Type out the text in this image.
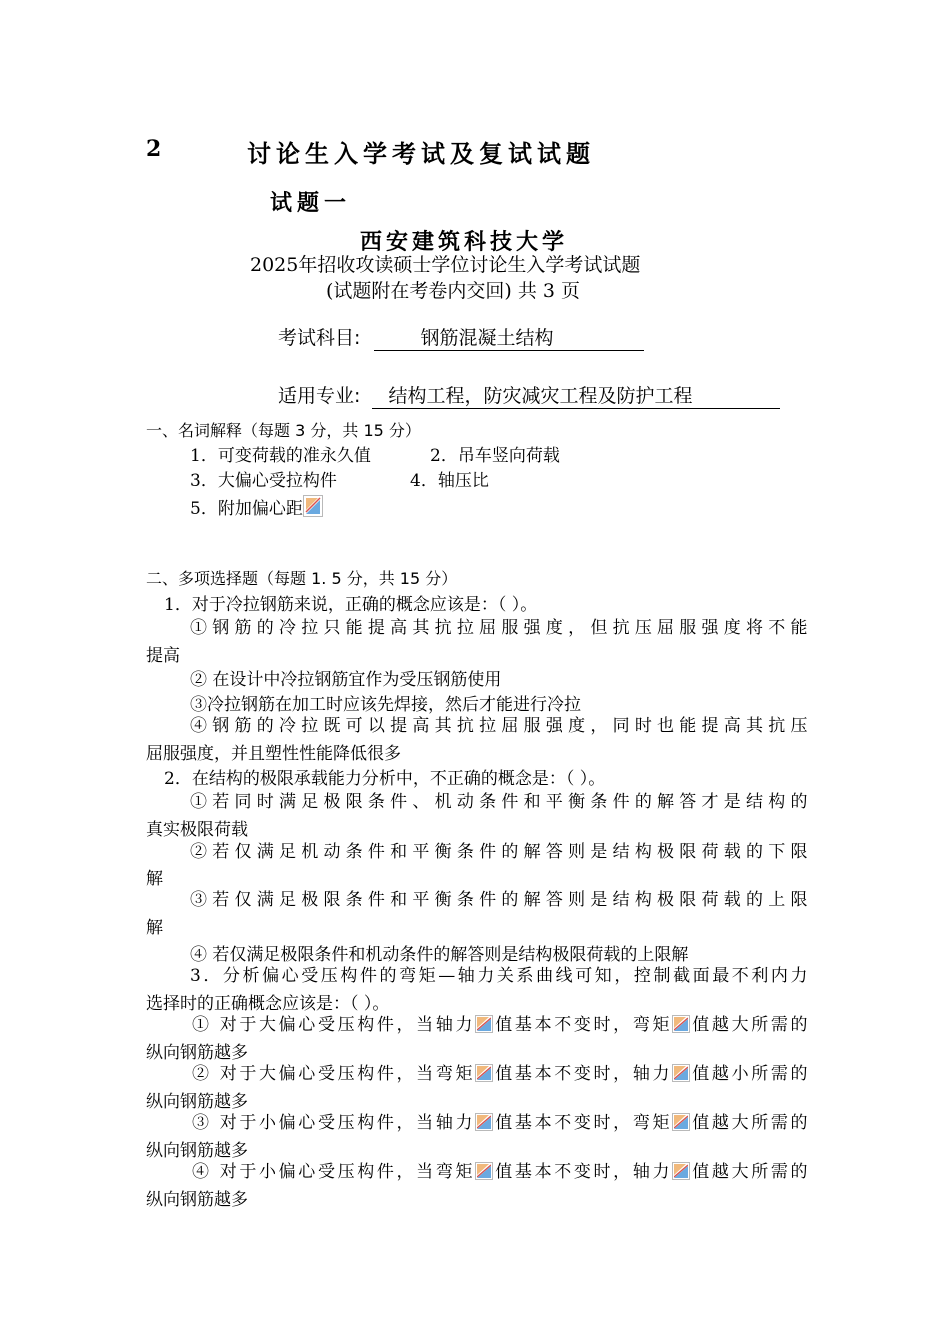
2	讨论生入学考试及复试试题
试题一
西安建筑科技大学
2025年招收攻读硕士学位讨论生入学考试试题
(试题附在考卷内交回) 共 3 页
考试科目:	钢筋混凝土结构
适用专业: 结构工程，防灾减灾工程及防护工程
一、名词解释（每题 3 分，共 15 分）
1．可变荷载的准永久值	2．吊车竖向荷载
3．大偏心受拉构件	4．轴压比
5．附加偏心距
二、多项选择题（每题 1. 5 分，共 15 分）
1．对于冷拉钢筋来说，正确的概念应该是：（ ）。
①钢筋的冷拉只能提高其抗拉屈服强度，但抗压屈服强度将不能
提高
② 在设计中冷拉钢筋宜作为受压钢筋使用
③冷拉钢筋在加工时应该先焊接，然后才能进行冷拉
④钢筋的冷拉既可以提高其抗拉屈服强度，同时也能提高其抗压
屈服强度，并且塑性性能降低很多
2．在结构的极限承载能力分析中，不正确的概念是：（ ）。
①若同时满足极限条件、机动条件和平衡条件的解答才是结构的
真实极限荷载
②若仅满足机动条件和平衡条件的解答则是结构极限荷载的下限
解
③若仅满足极限条件和平衡条件的解答则是结构极限荷载的上限
解
④ 若仅满足极限条件和机动条件的解答则是结构极限荷载的上限解
3．分析偏心受压构件的弯矩—轴力关系曲线可知，控制截面最不利内力
选择时的正确概念应该是：（ ）。
① 对于大偏心受压构件，当轴力 值基本不变时，弯矩 值越大所需的
纵向钢筋越多
② 对于大偏心受压构件，当弯矩 值基本不变时，轴力 值越小所需的
纵向钢筋越多
③ 对于小偏心受压构件，当轴力 值基本不变时，弯矩 值越大所需的
纵向钢筋越多
④ 对于小偏心受压构件，当弯矩 值基本不变时，轴力 值越大所需的
纵向钢筋越多
